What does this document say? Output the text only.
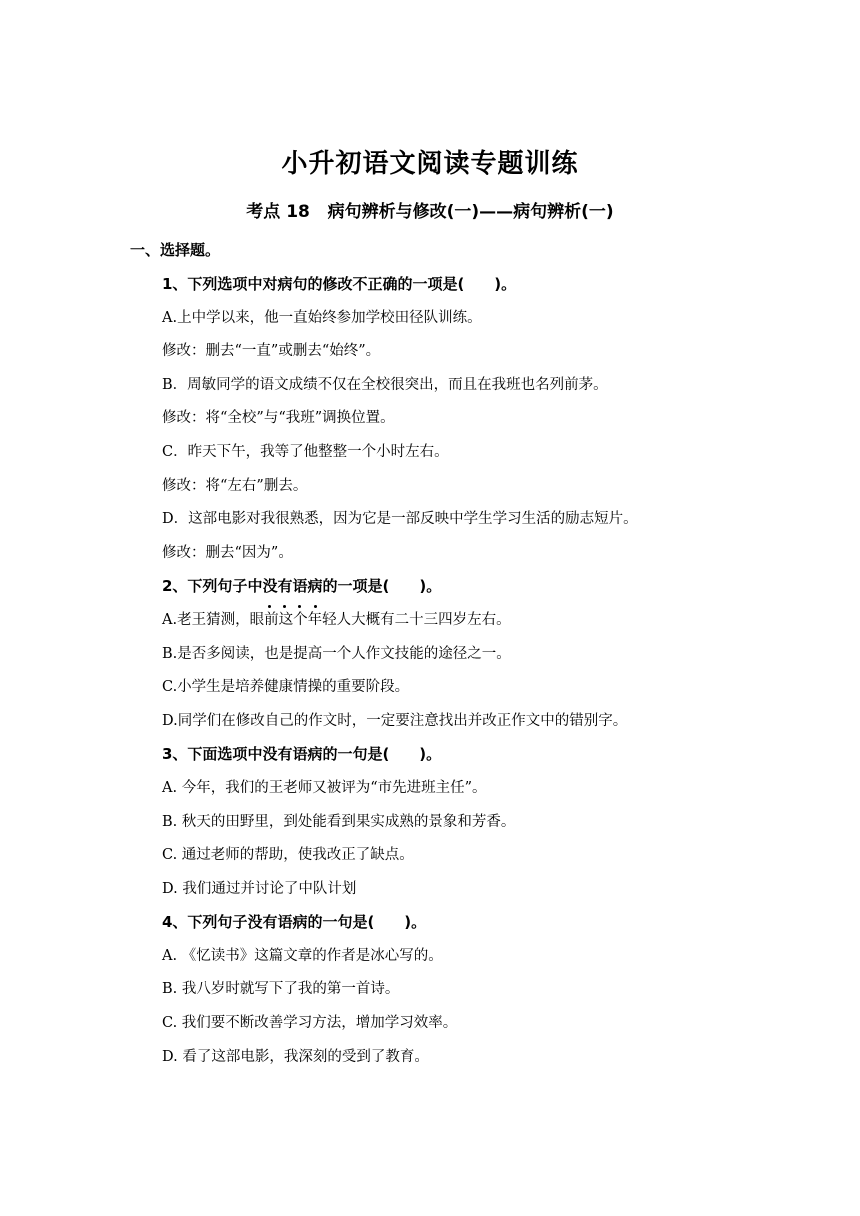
小升初语文阅读专题训练
考点 18   病句辨析与修改(一)——病句辨析(一)
一、选择题。
1、下列选项中对病句的修改不正确的一项是(　　)。
A.上中学以来，他一直始终参加学校田径队训练。
修改：删去“一直”或删去“始终”。
B．周敏同学的语文成绩不仅在全校很突出，而且在我班也名列前茅。
修改：将“全校”与“我班”调换位置。
C．昨天下午，我等了他整整一个小时左右。
修改：将“左右”删去。
D．这部电影对我很熟悉，因为它是一部反映中学生学习生活的励志短片。
修改：删去“因为”。
2、下列句子中没有语病的一项是(　　)。
A.老王猜测，眼前这个年轻人大概有二十三四岁左右。
B.是否多阅读，也是提高一个人作文技能的途径之一。
C.小学生是培养健康情操的重要阶段。
D.同学们在修改自己的作文时，一定要注意找出并改正作文中的错别字。
3、下面选项中没有语病的一句是(　　)。
A. 今年，我们的王老师又被评为“市先进班主任”。
B. 秋天的田野里，到处能看到果实成熟的景象和芳香。
C. 通过老师的帮助，使我改正了缺点。
D. 我们通过并讨论了中队计划
4、下列句子没有语病的一句是(　　)。
A. 《忆读书》这篇文章的作者是冰心写的。
B. 我八岁时就写下了我的第一首诗。
C. 我们要不断改善学习方法，增加学习效率。
D. 看了这部电影，我深刻的受到了教育。
